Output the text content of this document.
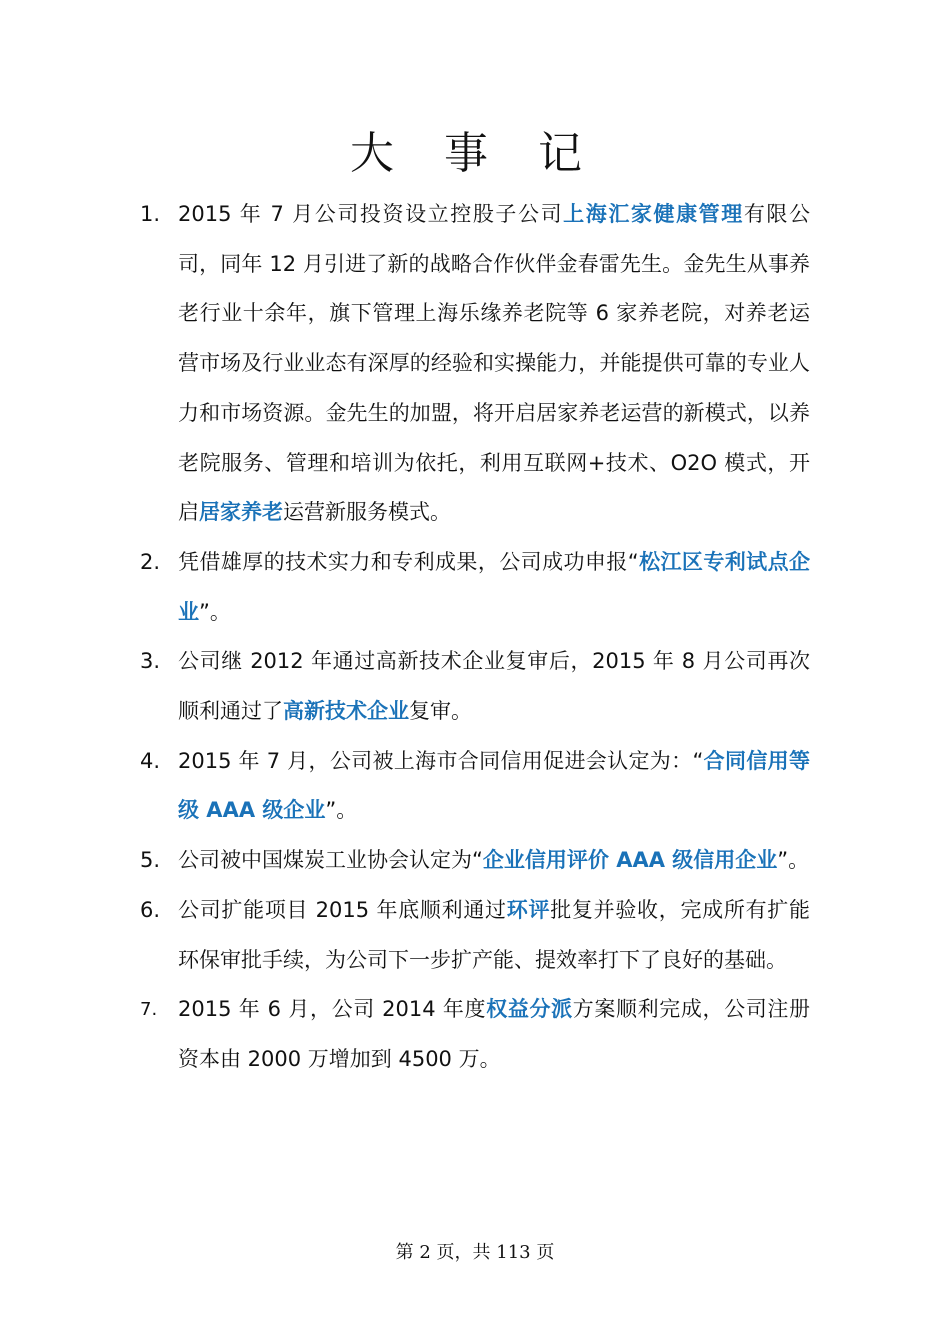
大 事 记
1. 2015 年 7 月公司投资设立控股子公司上海汇家健康管理有限公司，同年 12 月引进了新的战略合作伙伴金春雷先生。金先生从事养老行业十余年，旗下管理上海乐缘养老院等 6 家养老院，对养老运营市场及行业业态有深厚的经验和实操能力，并能提供可靠的专业人力和市场资源。金先生的加盟，将开启居家养老运营的新模式，以养老院服务、管理和培训为依托，利用互联网+技术、O2O 模式，开启居家养老运营新服务模式。
2. 凭借雄厚的技术实力和专利成果，公司成功申报“松江区专利试点企业”。
3. 公司继 2012 年通过高新技术企业复审后，2015 年 8 月公司再次顺利通过了高新技术企业复审。
4. 2015 年 7 月，公司被上海市合同信用促进会认定为：“合同信用等级 AAA 级企业”。
5. 公司被中国煤炭工业协会认定为“企业信用评价 AAA 级信用企业”。
6. 公司扩能项目 2015 年底顺利通过环评批复并验收，完成所有扩能环保审批手续，为公司下一步扩产能、提效率打下了良好的基础。
7. 2015 年 6 月，公司 2014 年度权益分派方案顺利完成，公司注册资本由 2000 万增加到 4500 万。
第 2 页，共 113 页
